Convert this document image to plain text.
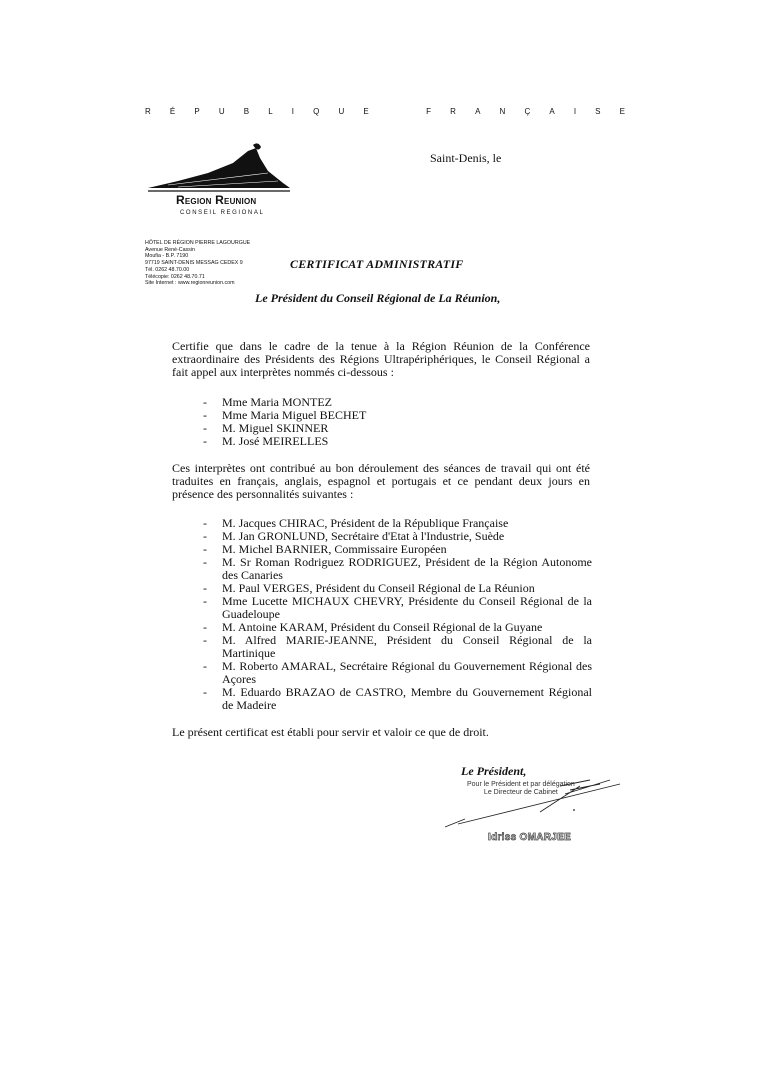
R É P U B L I Q U E	F R A N Ç A I S E
Region Reunion
CONSEIL REGIONAL
Saint-Denis, le
HÔTEL DE RÉGION PIERRE LAGOURGUE
Avenue René-Cassin
Moufia - B.P. 7190
97719 SAINT-DENIS MESSAG CEDEX 9
Tél. 0262 48.70.00
Télécopie: 0262 48.70.71
Site Internet : www.regionreunion.com
CERTIFICAT ADMINISTRATIF
Le Président du Conseil Régional de La Réunion,
Certifie que dans le cadre de la tenue à la Région Réunion de la Conférence extraordinaire des Présidents des Régions Ultrapériphériques, le Conseil Régional a fait appel aux interprètes nommés ci-dessous :
- Mme Maria MONTEZ
- Mme Maria Miguel BECHET
- M. Miguel SKINNER
- M. José MEIRELLES
Ces interprètes ont contribué au bon déroulement des séances de travail qui ont été traduites en français, anglais, espagnol et portugais et ce pendant deux jours en présence des personnalités suivantes :
- M. Jacques CHIRAC, Président de la République Française
- M. Jan GRONLUND, Secrétaire d'Etat à l'Industrie, Suède
- M. Michel BARNIER, Commissaire Européen
- M. Sr Roman Rodriguez RODRIGUEZ, Président de la Région Autonome des Canaries
- M. Paul VERGES, Président du Conseil Régional de La Réunion
- Mme Lucette MICHAUX CHEVRY, Présidente du Conseil Régional de la Guadeloupe
- M. Antoine KARAM, Président du Conseil Régional de la Guyane
- M. Alfred MARIE-JEANNE, Président du Conseil Régional de la Martinique
- M. Roberto AMARAL, Secrétaire Régional du Gouvernement Régional des Açores
- M. Eduardo BRAZAO de CASTRO, Membre du Gouvernement Régional de Madeire
Le présent certificat est établi pour servir et valoir ce que de droit.
Le Président,
Pour le Président et par délégation
Le Directeur de Cabinet
Idriss OMARJEE
